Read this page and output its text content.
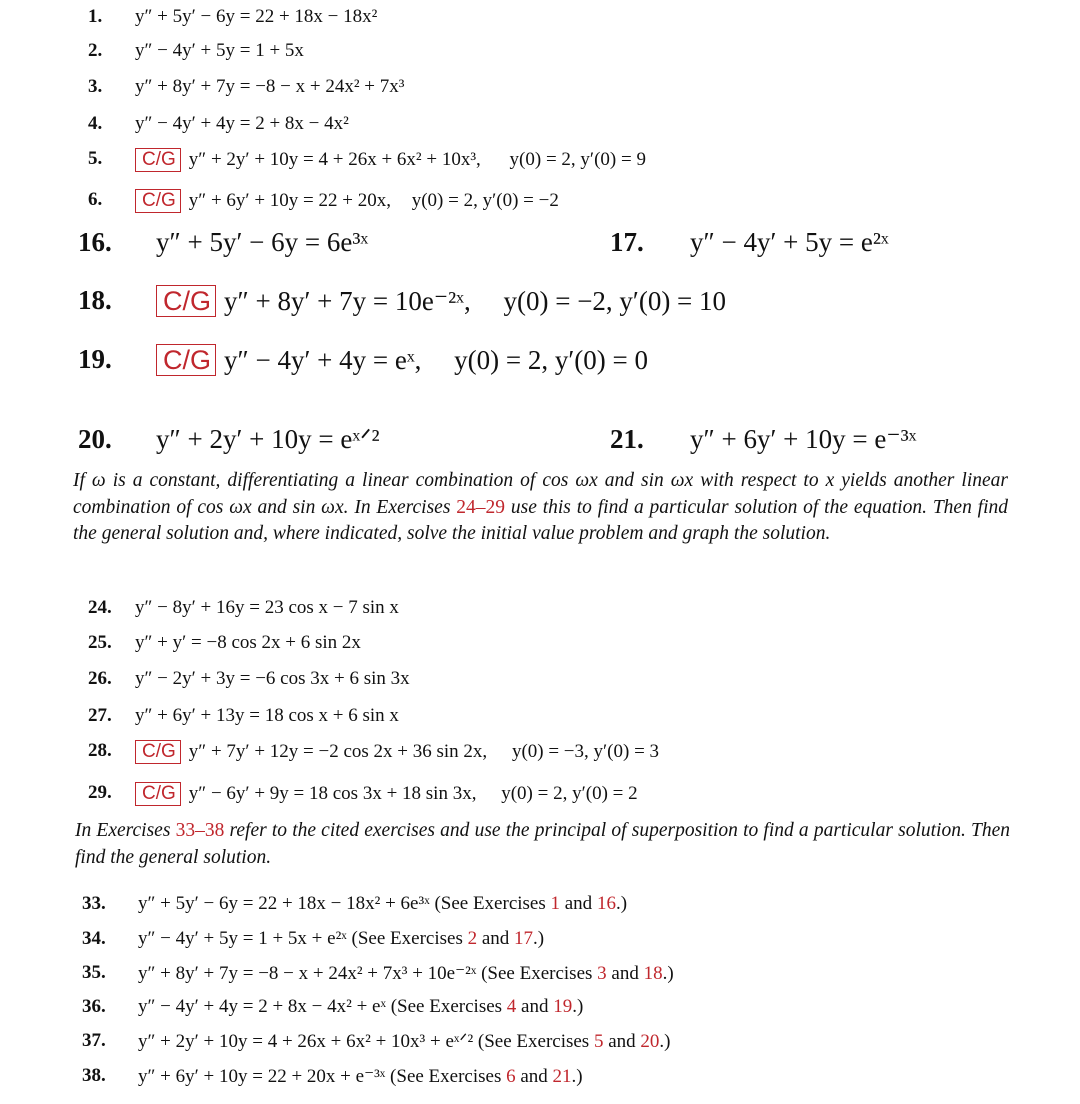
1. y″ + 5y′ − 6y = 22 + 18x − 18x²
2. y″ − 4y′ + 5y = 1 + 5x
3. y″ + 8y′ + 7y = −8 − x + 24x² + 7x³
4. y″ − 4y′ + 4y = 2 + 8x − 4x²
5.	C/G y″ + 2y′ + 10y = 4 + 26x + 6x² + 10x³, y(0) = 2, y′(0) = 9
6.	C/G y″ + 6y′ + 10y = 22 + 20x, y(0) = 2, y′(0) = −2
16. y″ + 5y′ − 6y = 6e³ˣ	17. y″ − 4y′ + 5y = e²ˣ
18. C/G y″ + 8y′ + 7y = 10e⁻²ˣ, y(0) = −2, y′(0) = 10
19. C/G y″ − 4y′ + 4y = eˣ, y(0) = 2, y′(0) = 0
20. y″ + 2y′ + 10y = eˣᐟ²	21. y″ + 6y′ + 10y = e⁻³ˣ
If ω is a constant, differentiating a linear combination of cos ωx and sin ωx with respect to x yields another linear combination of cos ωx and sin ωx. In Exercises 24–29 use this to find a particular solution of the equation. Then find the general solution and, where indicated, solve the initial value problem and graph the solution.
24. y″ − 8y′ + 16y = 23 cos x − 7 sin x
25. y″ + y′ = −8 cos 2x + 6 sin 2x
26. y″ − 2y′ + 3y = −6 cos 3x + 6 sin 3x
27. y″ + 6y′ + 13y = 18 cos x + 6 sin x
28.	C/G y″ + 7y′ + 12y = −2 cos 2x + 36 sin 2x, y(0) = −3, y′(0) = 3
29.	C/G y″ − 6y′ + 9y = 18 cos 3x + 18 sin 3x, y(0) = 2, y′(0) = 2
In Exercises 33–38 refer to the cited exercises and use the principal of superposition to find a particular solution. Then find the general solution.
33. y″ + 5y′ − 6y = 22 + 18x − 18x² + 6e³ˣ (See Exercises 1 and 16.)
34. y″ − 4y′ + 5y = 1 + 5x + e²ˣ (See Exercises 2 and 17.)
35. y″ + 8y′ + 7y = −8 − x + 24x² + 7x³ + 10e⁻²ˣ (See Exercises 3 and 18.)
36. y″ − 4y′ + 4y = 2 + 8x − 4x² + eˣ (See Exercises 4 and 19.)
37. y″ + 2y′ + 10y = 4 + 26x + 6x² + 10x³ + eˣᐟ² (See Exercises 5 and 20.)
38. y″ + 6y′ + 10y = 22 + 20x + e⁻³ˣ (See Exercises 6 and 21.)
